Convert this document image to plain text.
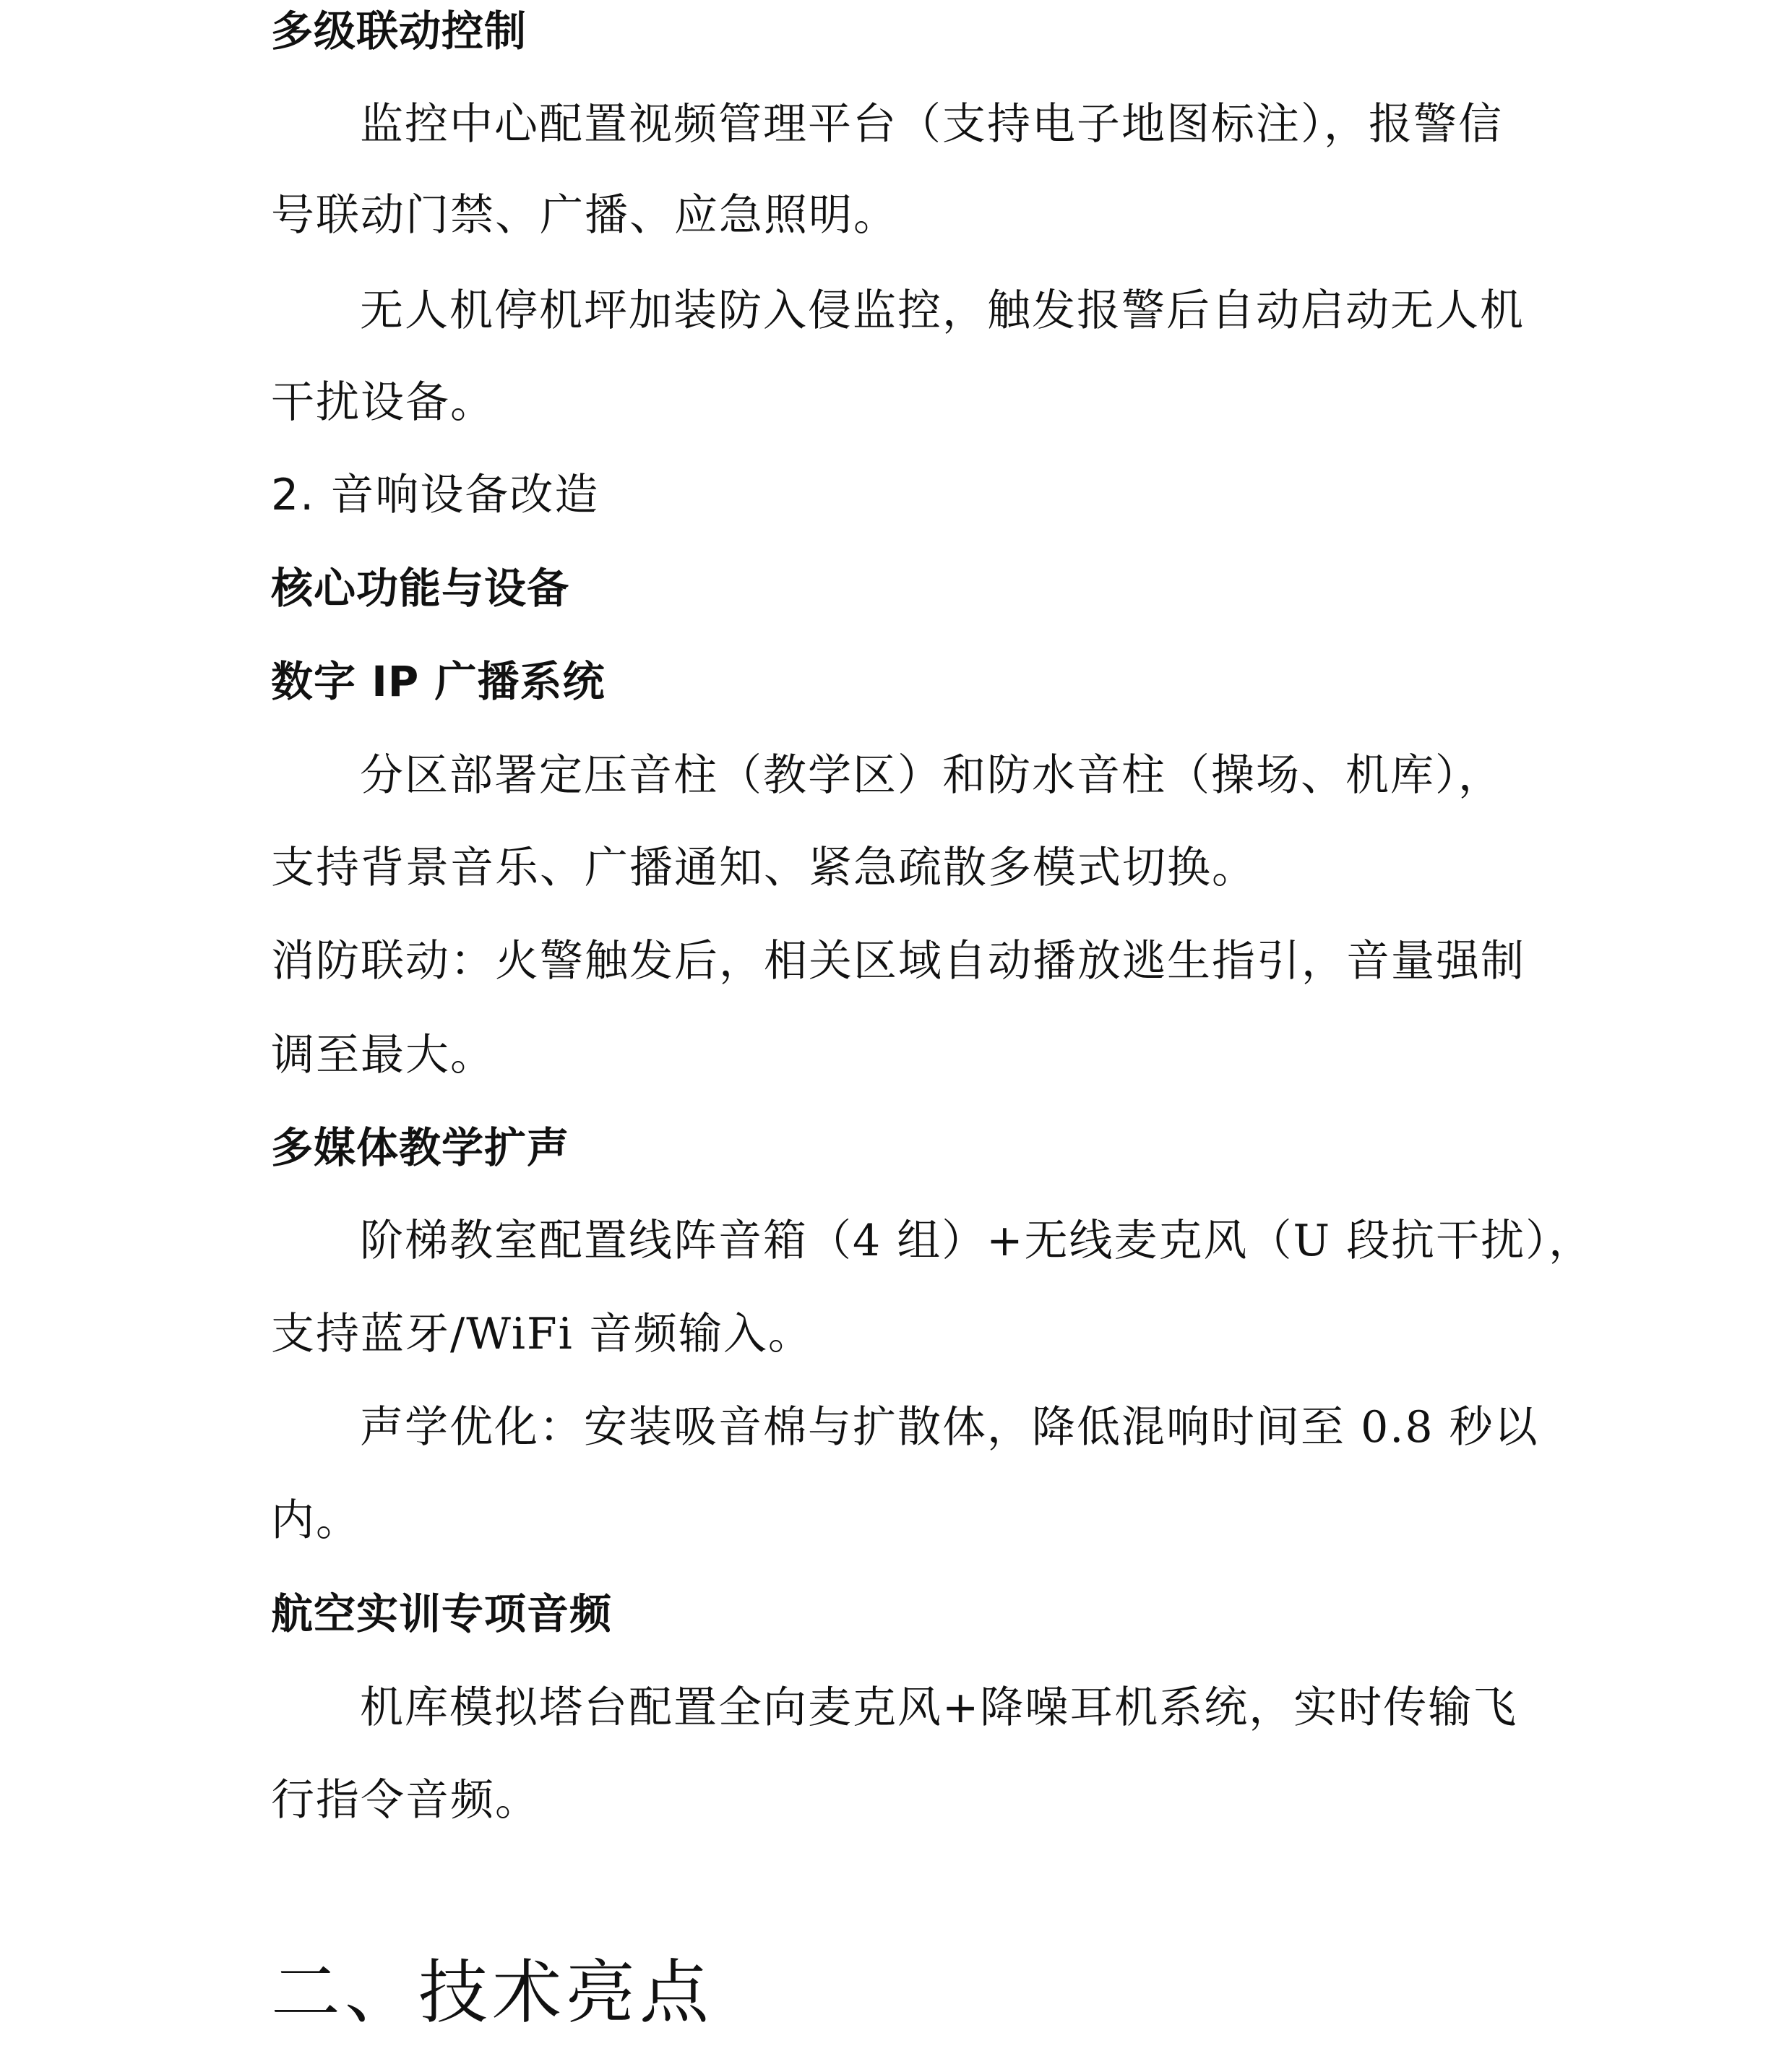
多级联动控制
监控中心配置视频管理平台（支持电子地图标注），报警信
号联动门禁、广播、应急照明。
无人机停机坪加装防入侵监控，触发报警后自动启动无人机
干扰设备。
2. 音响设备改造
核心功能与设备
数字 IP 广播系统
分区部署定压音柱（教学区）和防水音柱（操场、机库），
支持背景音乐、广播通知、紧急疏散多模式切换。
消防联动：火警触发后，相关区域自动播放逃生指引，音量强制
调至最大。
多媒体教学扩声
阶梯教室配置线阵音箱（4 组）+无线麦克风（U 段抗干扰），
支持蓝牙/WiFi 音频输入。
声学优化：安装吸音棉与扩散体，降低混响时间至 0.8 秒以
内。
航空实训专项音频
机库模拟塔台配置全向麦克风+降噪耳机系统，实时传输飞
行指令音频。
二、技术亮点
